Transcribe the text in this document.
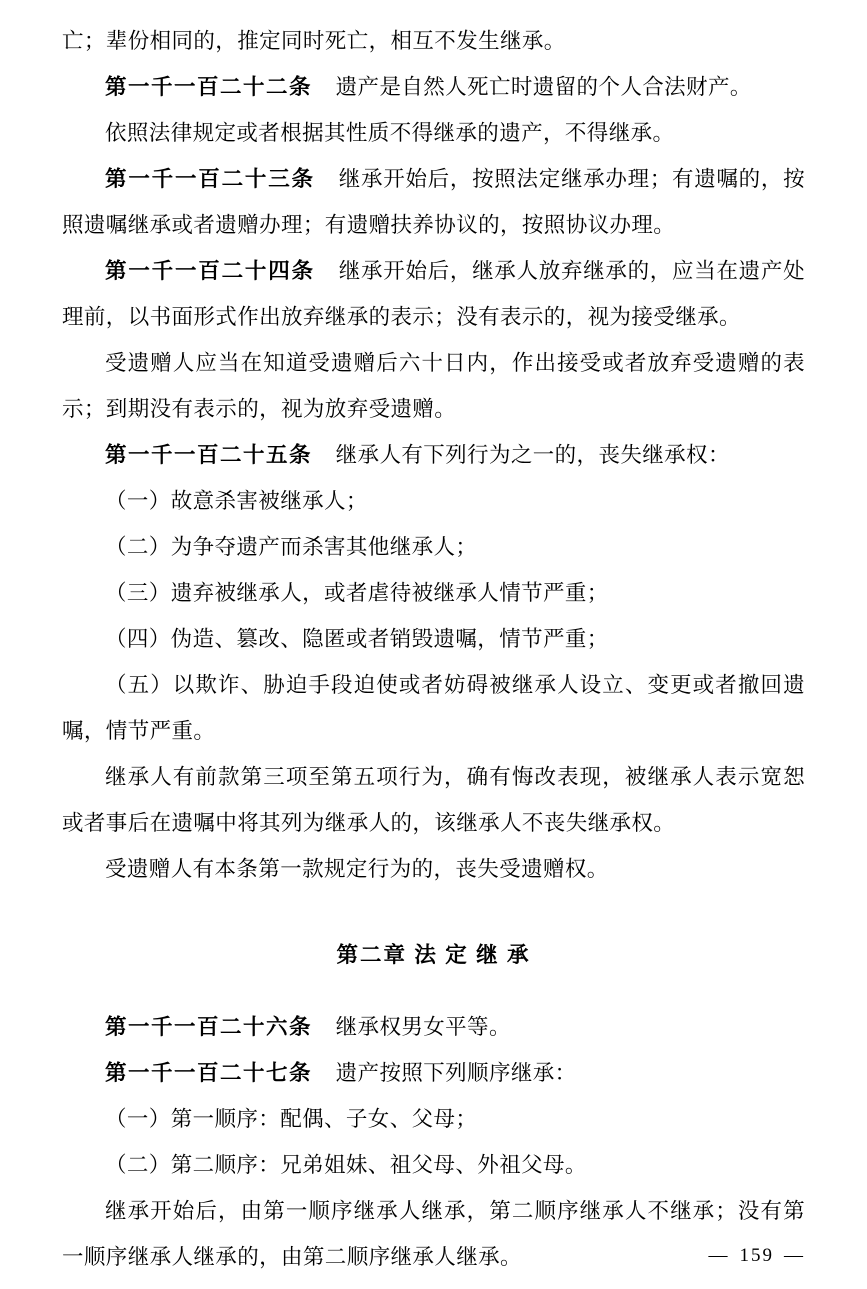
亡；辈份相同的，推定同时死亡，相互不发生继承。

第一千一百二十二条 遗产是自然人死亡时遗留的个人合法财产。

依照法律规定或者根据其性质不得继承的遗产，不得继承。

第一千一百二十三条 继承开始后，按照法定继承办理；有遗嘱的，按照遗嘱继承或者遗赠办理；有遗赠扶养协议的，按照协议办理。

第一千一百二十四条 继承开始后，继承人放弃继承的，应当在遗产处理前，以书面形式作出放弃继承的表示；没有表示的，视为接受继承。

受遗赠人应当在知道受遗赠后六十日内，作出接受或者放弃受遗赠的表示；到期没有表示的，视为放弃受遗赠。

第一千一百二十五条 继承人有下列行为之一的，丧失继承权：

（一）故意杀害被继承人；

（二）为争夺遗产而杀害其他继承人；

（三）遗弃被继承人，或者虐待被继承人情节严重；

（四）伪造、篡改、隐匿或者销毁遗嘱，情节严重；

（五）以欺诈、胁迫手段迫使或者妨碍被继承人设立、变更或者撤回遗嘱，情节严重。

继承人有前款第三项至第五项行为，确有悔改表现，被继承人表示宽恕或者事后在遗嘱中将其列为继承人的，该继承人不丧失继承权。

受遗赠人有本条第一款规定行为的，丧失受遗赠权。

第二章 法 定 继 承

第一千一百二十六条 继承权男女平等。

第一千一百二十七条 遗产按照下列顺序继承：

（一）第一顺序：配偶、子女、父母；

（二）第二顺序：兄弟姐妹、祖父母、外祖父母。

继承开始后，由第一顺序继承人继承，第二顺序继承人不继承；没有第一顺序继承人继承的，由第二顺序继承人继承。	— 159 —
